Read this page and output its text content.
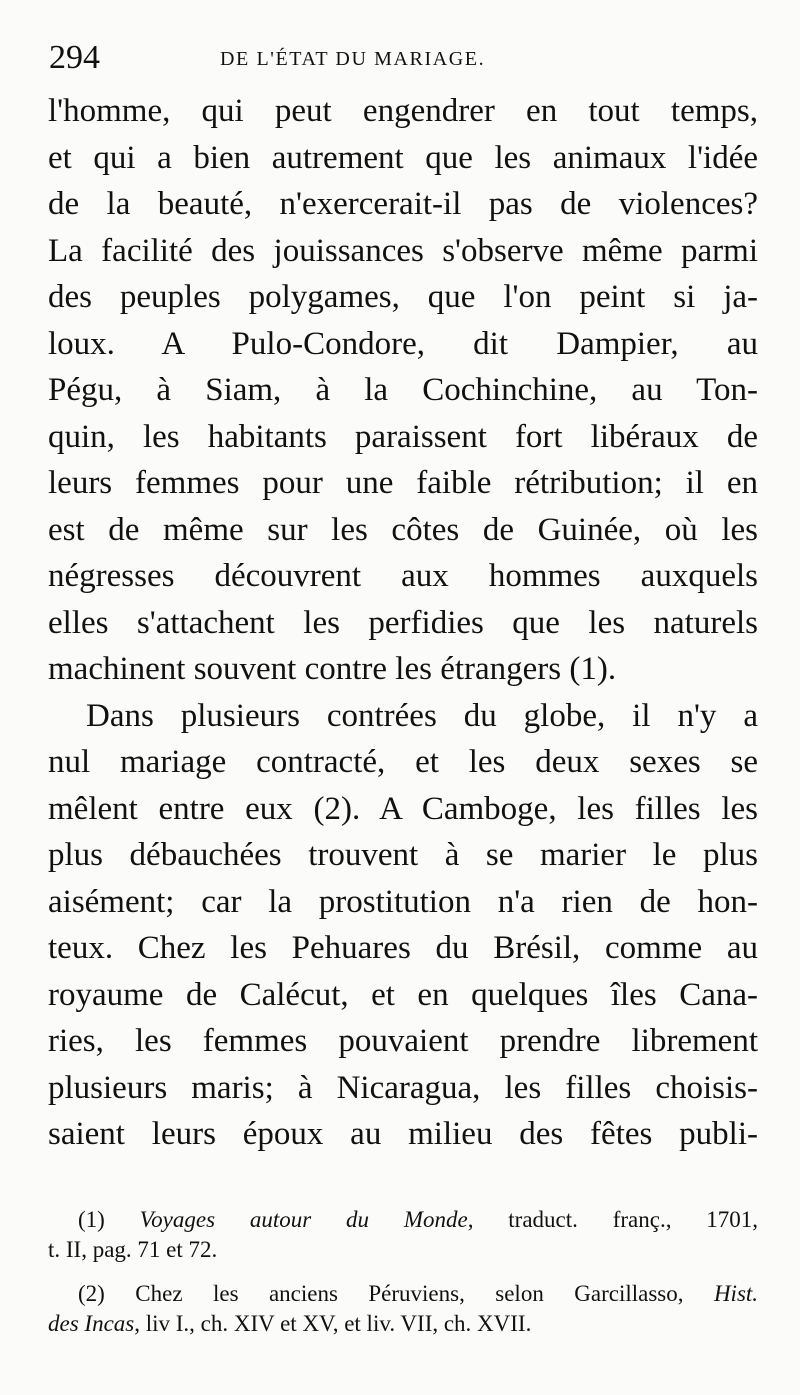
294	DE L'ÉTAT DU MARIAGE.
l'homme, qui peut engendrer en tout temps,
et qui a bien autrement que les animaux l'idée
de la beauté, n'exercerait-il pas de violences?
La facilité des jouissances s'observe même parmi
des peuples polygames, que l'on peint si ja-
loux. A Pulo-Condore, dit Dampier, au
Pégu, à Siam, à la Cochinchine, au Ton-
quin, les habitants paraissent fort libéraux de
leurs femmes pour une faible rétribution; il en
est de même sur les côtes de Guinée, où les
négresses découvrent aux hommes auxquels
elles s'attachent les perfidies que les naturels
machinent souvent contre les étrangers (1).
Dans plusieurs contrées du globe, il n'y a
nul mariage contracté, et les deux sexes se
mêlent entre eux (2). A Camboge, les filles les
plus débauchées trouvent à se marier le plus
aisément; car la prostitution n'a rien de hon-
teux. Chez les Pehuares du Brésil, comme au
royaume de Calécut, et en quelques îles Cana-
ries, les femmes pouvaient prendre librement
plusieurs maris; à Nicaragua, les filles choisis-
saient leurs époux au milieu des fêtes publi-
(1) Voyages autour du Monde, traduct. franç., 1701,
t. II, pag. 71 et 72.
(2) Chez les anciens Péruviens, selon Garcillasso, Hist.
des Incas, liv I., ch. XIV et XV, et liv. VII, ch. XVII.
